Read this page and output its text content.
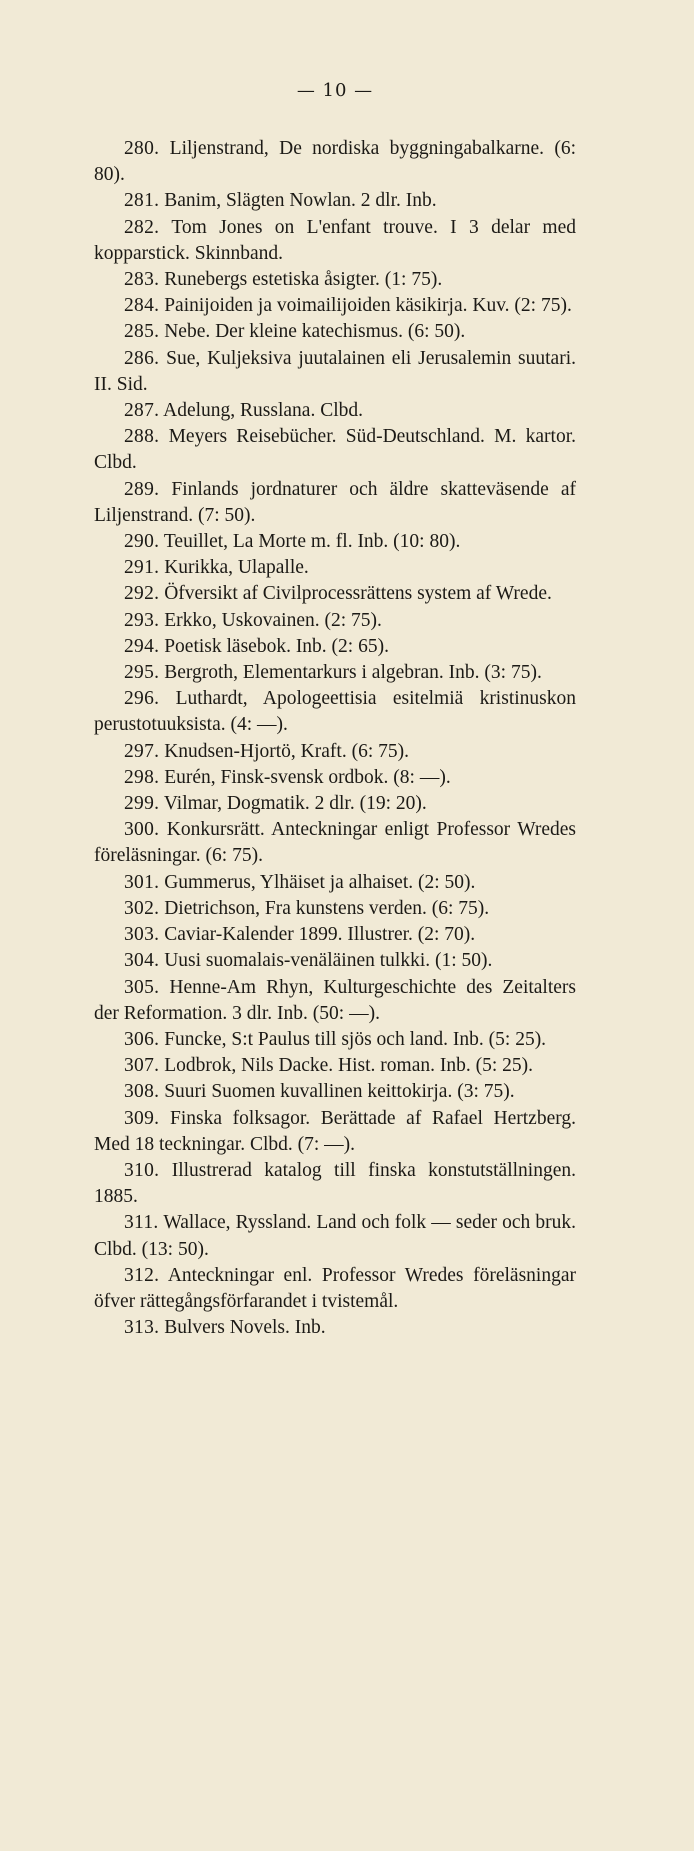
— 10 —

280. Liljenstrand, De nordiska byggningabalkarne. (6: 80).

281. Banim, Slägten Nowlan. 2 dlr. Inb.

282. Tom Jones on L'enfant trouve. I 3 delar med kopparstick. Skinnband.

283. Runebergs estetiska åsigter. (1: 75).

284. Painijoiden ja voimailijoiden käsikirja. Kuv. (2: 75).

285. Nebe. Der kleine katechismus. (6: 50).

286. Sue, Kuljeksiva juutalainen eli Jerusalemin suutari. II. Sid.

287. Adelung, Russlana. Clbd.

288. Meyers Reisebücher. Süd-Deutschland. M. kartor. Clbd.

289. Finlands jordnaturer och äldre skatteväsende af Liljenstrand. (7: 50).

290. Teuillet, La Morte m. fl. Inb. (10: 80).

291. Kurikka, Ulapalle.

292. Öfversikt af Civilprocessrättens system af Wrede.

293. Erkko, Uskovainen. (2: 75).

294. Poetisk läsebok. Inb. (2: 65).

295. Bergroth, Elementarkurs i algebran. Inb. (3: 75).

296. Luthardt, Apologeettisia esitelmiä kristinuskon perustotuuksista. (4: —).

297. Knudsen-Hjortö, Kraft. (6: 75).

298. Eurén, Finsk-svensk ordbok. (8: —).

299. Vilmar, Dogmatik. 2 dlr. (19: 20).

300. Konkursrätt. Anteckningar enligt Professor Wredes föreläsningar. (6: 75).

301. Gummerus, Ylhäiset ja alhaiset. (2: 50).

302. Dietrichson, Fra kunstens verden. (6: 75).

303. Caviar-Kalender 1899. Illustrer. (2: 70).

304. Uusi suomalais-venäläinen tulkki. (1: 50).

305. Henne-Am Rhyn, Kulturgeschichte des Zeitalters der Reformation. 3 dlr. Inb. (50: —).

306. Funcke, S:t Paulus till sjös och land. Inb. (5: 25).

307. Lodbrok, Nils Dacke. Hist. roman. Inb. (5: 25).

308. Suuri Suomen kuvallinen keittokirja. (3: 75).

309. Finska folksagor. Berättade af Rafael Hertzberg. Med 18 teckningar. Clbd. (7: —).

310. Illustrerad katalog till finska konstutställningen. 1885.

311. Wallace, Ryssland. Land och folk — seder och bruk. Clbd. (13: 50).

312. Anteckningar enl. Professor Wredes föreläsningar öfver rättegångsförfarandet i tvistemål.

313. Bulvers Novels. Inb.
